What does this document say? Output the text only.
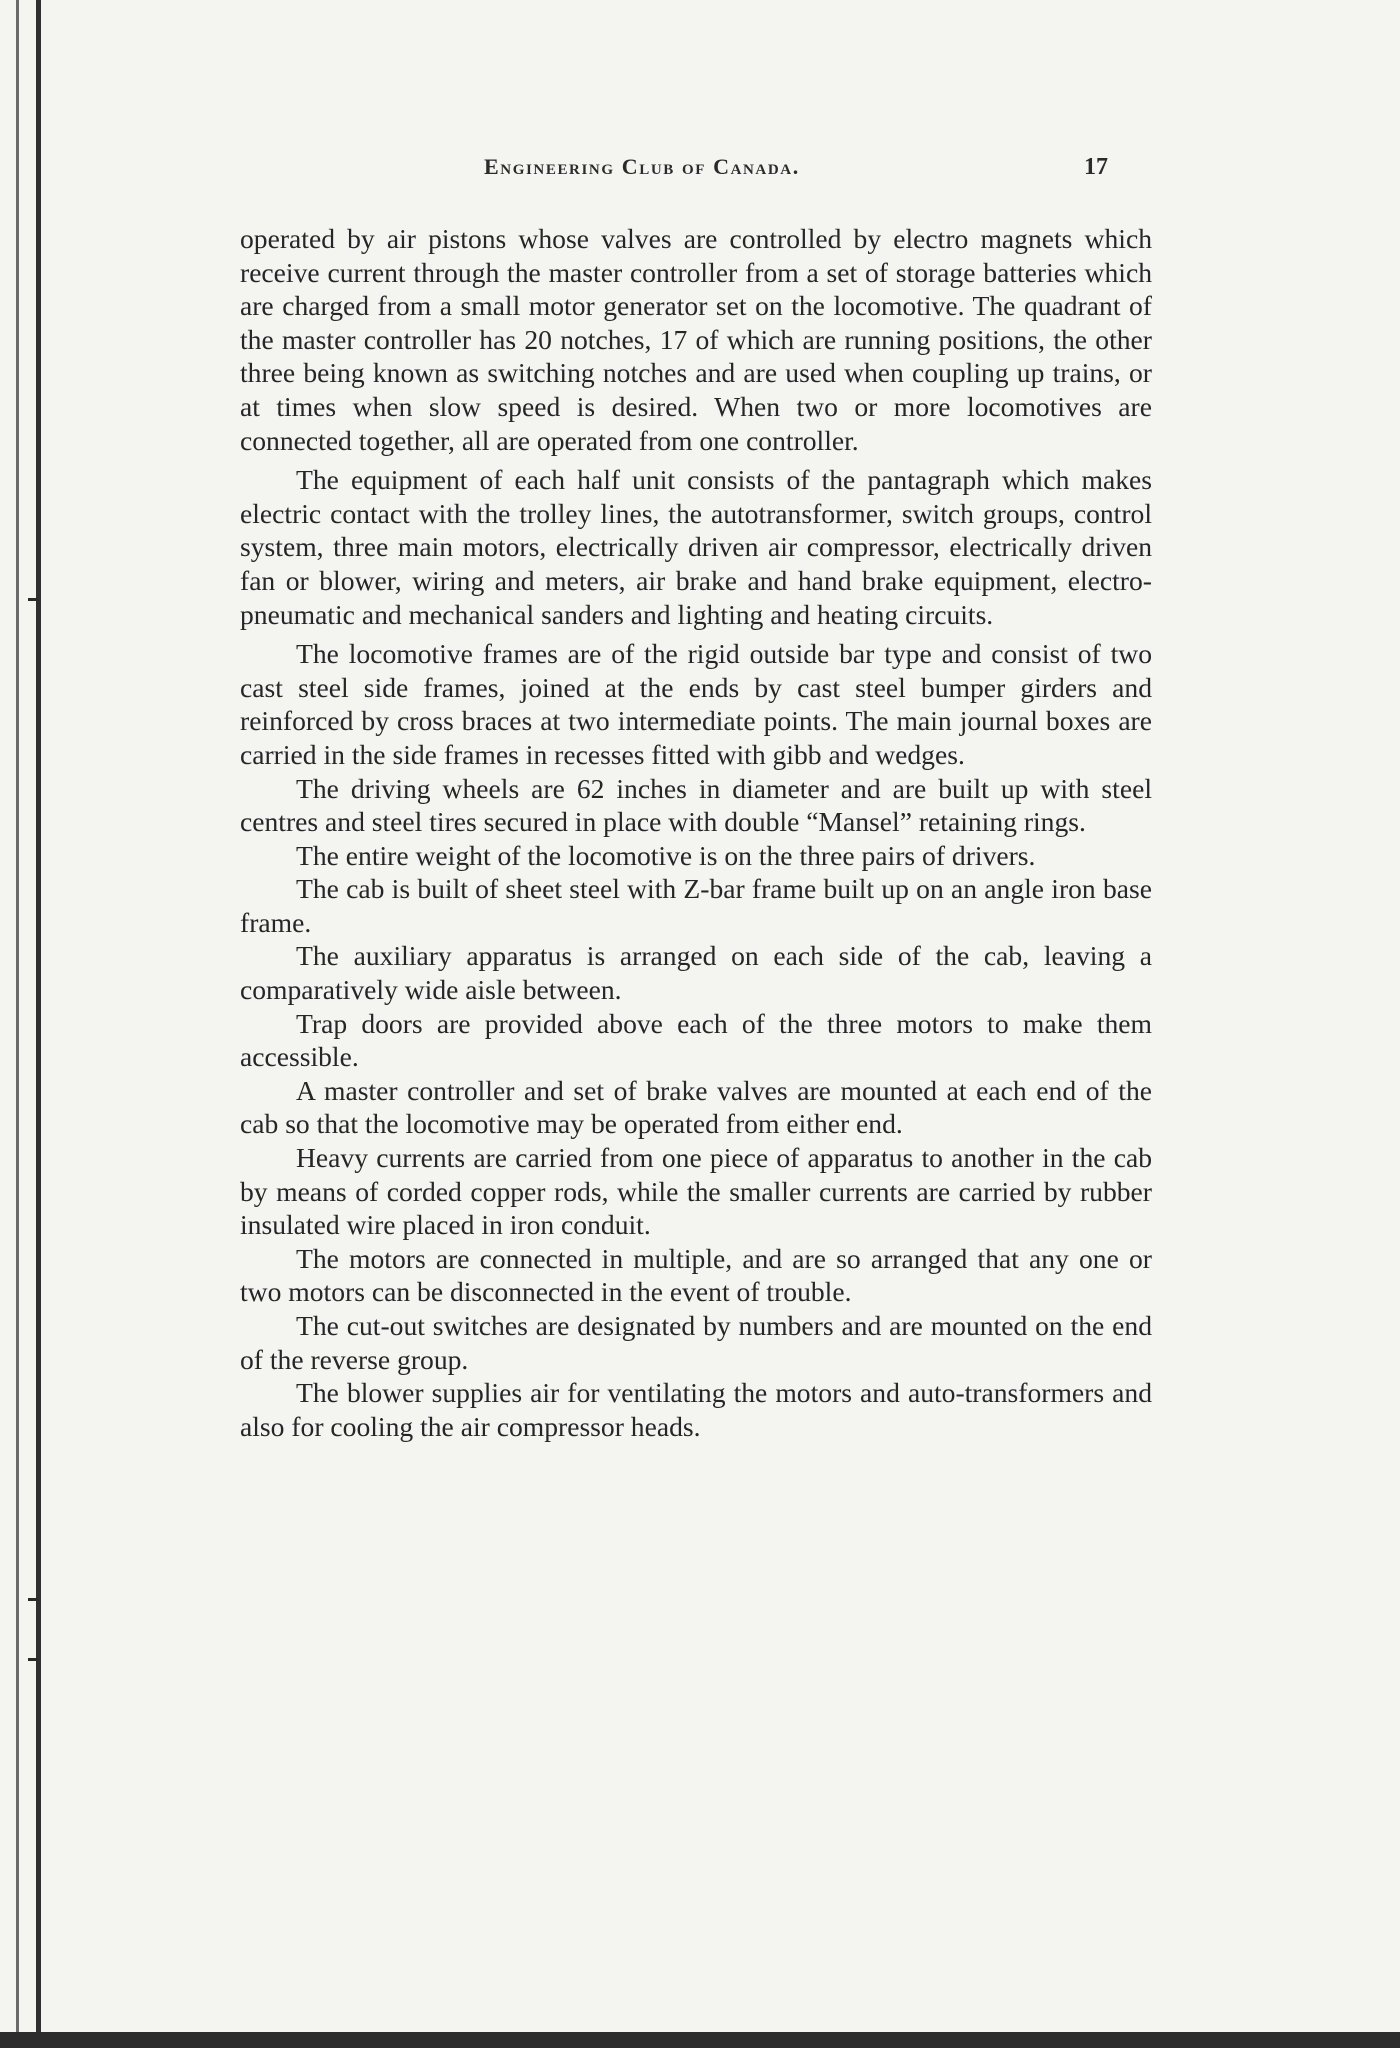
Engineering Club of Canada.	17

operated by air pistons whose valves are controlled by electro magnets which receive current through the master controller from a set of storage batteries which are charged from a small motor generator set on the locomotive. The quadrant of the master controller has 20 notches, 17 of which are running positions, the other three being known as switching notches and are used when coupling up trains, or at times when slow speed is desired. When two or more locomotives are connected together, all are operated from one controller.

The equipment of each half unit consists of the pantagraph which makes electric contact with the trolley lines, the autotransformer, switch groups, control system, three main motors, electrically driven air compressor, electrically driven fan or blower, wiring and meters, air brake and hand brake equipment, electro-pneumatic and mechanical sanders and lighting and heating circuits.

The locomotive frames are of the rigid outside bar type and consist of two cast steel side frames, joined at the ends by cast steel bumper girders and reinforced by cross braces at two intermediate points. The main journal boxes are carried in the side frames in recesses fitted with gibb and wedges.

The driving wheels are 62 inches in diameter and are built up with steel centres and steel tires secured in place with double “Mansel” retaining rings.

The entire weight of the locomotive is on the three pairs of drivers.

The cab is built of sheet steel with Z-bar frame built up on an angle iron base frame.

The auxiliary apparatus is arranged on each side of the cab, leaving a comparatively wide aisle between.

Trap doors are provided above each of the three motors to make them accessible.

A master controller and set of brake valves are mounted at each end of the cab so that the locomotive may be operated from either end.

Heavy currents are carried from one piece of apparatus to another in the cab by means of corded copper rods, while the smaller currents are carried by rubber insulated wire placed in iron conduit.

The motors are connected in multiple, and are so arranged that any one or two motors can be disconnected in the event of trouble.

The cut-out switches are designated by numbers and are mounted on the end of the reverse group.

The blower supplies air for ventilating the motors and auto-transformers and also for cooling the air compressor heads.
